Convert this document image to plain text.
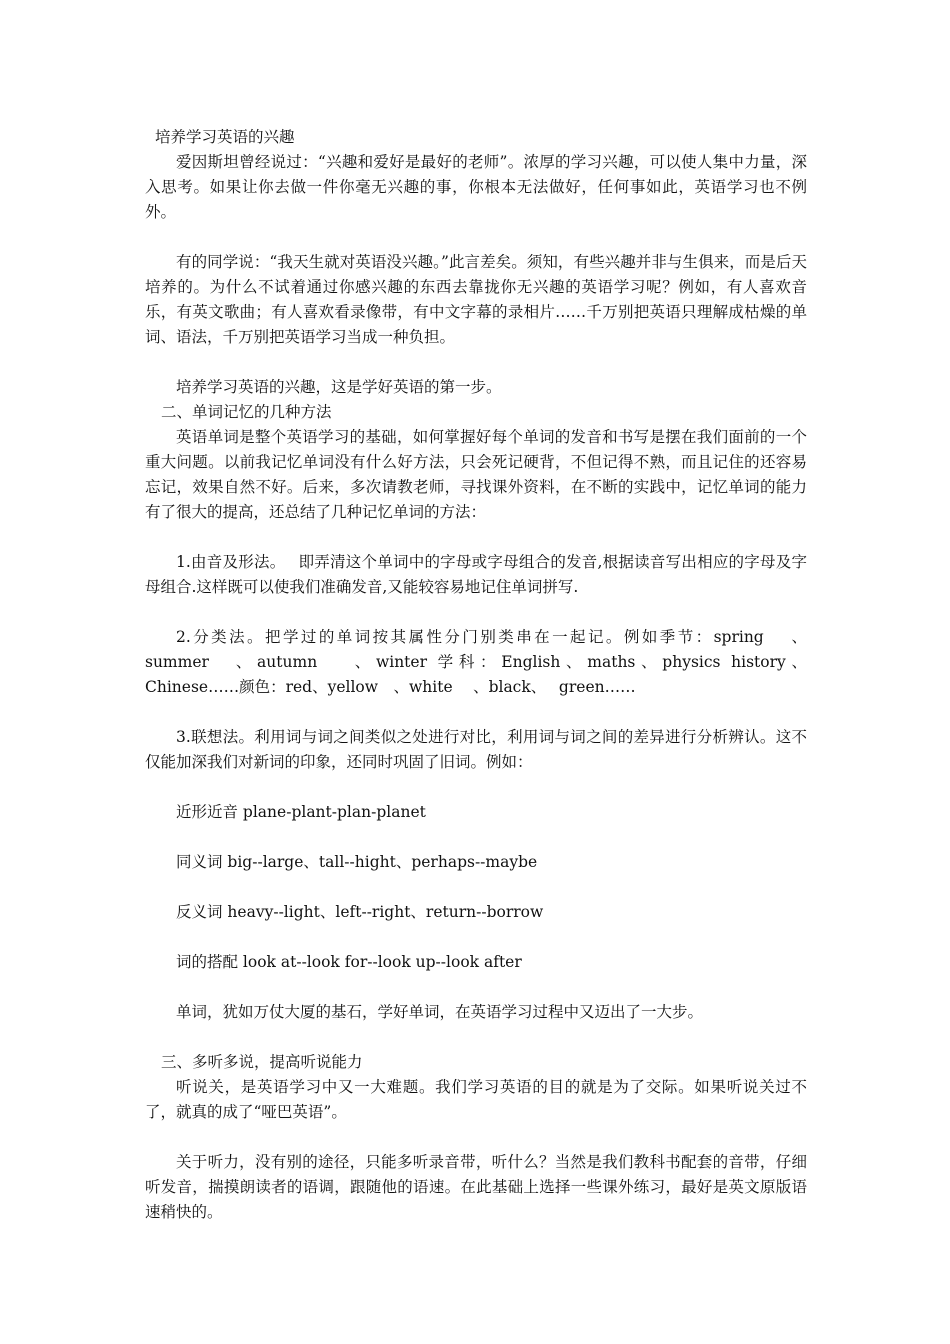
培养学习英语的兴趣

爱因斯坦曾经说过：“兴趣和爱好是最好的老师”。浓厚的学习兴趣，可以使人集中力量，深入思考。如果让你去做一件你毫无兴趣的事，你根本无法做好，任何事如此，英语学习也不例外。

有的同学说：“我天生就对英语没兴趣。”此言差矣。须知，有些兴趣并非与生俱来，而是后天培养的。为什么不试着通过你感兴趣的东西去靠拢你无兴趣的英语学习呢？例如，有人喜欢音乐，有英文歌曲；有人喜欢看录像带，有中文字幕的录相片……千万别把英语只理解成枯燥的单词、语法，千万别把英语学习当成一种负担。

培养学习英语的兴趣，这是学好英语的第一步。

二、单词记忆的几种方法

英语单词是整个英语学习的基础，如何掌握好每个单词的发音和书写是摆在我们面前的一个重大问题。以前我记忆单词没有什么好方法，只会死记硬背，不但记得不熟，而且记住的还容易忘记，效果自然不好。后来，多次请教老师，寻找课外资料，在不断的实践中，记忆单词的能力有了很大的提高，还总结了几种记忆单词的方法：

1.由音及形法。　 即弄清这个单词中的字母或字母组合的发音,根据读音写出相应的字母及字母组合.这样既可以使我们准确发音,又能较容易地记住单词拼写.

2.分类法。把学过的单词按其属性分门别类串在一起记。例如季节：spring　 、summer　、autumn　 、winter 学科：English、maths、physics history、 Chinese……颜色：red、yellow　、white　 、black、　 green……

3.联想法。利用词与词之间类似之处进行对比，利用词与词之间的差异进行分析辨认。这不仅能加深我们对新词的印象，还同时巩固了旧词。例如：

近形近音 plane-plant-plan-planet

同义词 big--large、tall--hight、perhaps--maybe

反义词 heavy--light、left--right、return--borrow

词的搭配 look at--look for--look up--look after

单词，犹如万仗大厦的基石，学好单词，在英语学习过程中又迈出了一大步。

三、多听多说，提高听说能力

听说关，是英语学习中又一大难题。我们学习英语的目的就是为了交际。如果听说关过不了，就真的成了“哑巴英语”。

关于听力，没有别的途径，只能多听录音带，听什么？当然是我们教科书配套的音带，仔细听发音，揣摸朗读者的语调，跟随他的语速。在此基础上选择一些课外练习，最好是英文原版语速稍快的。
